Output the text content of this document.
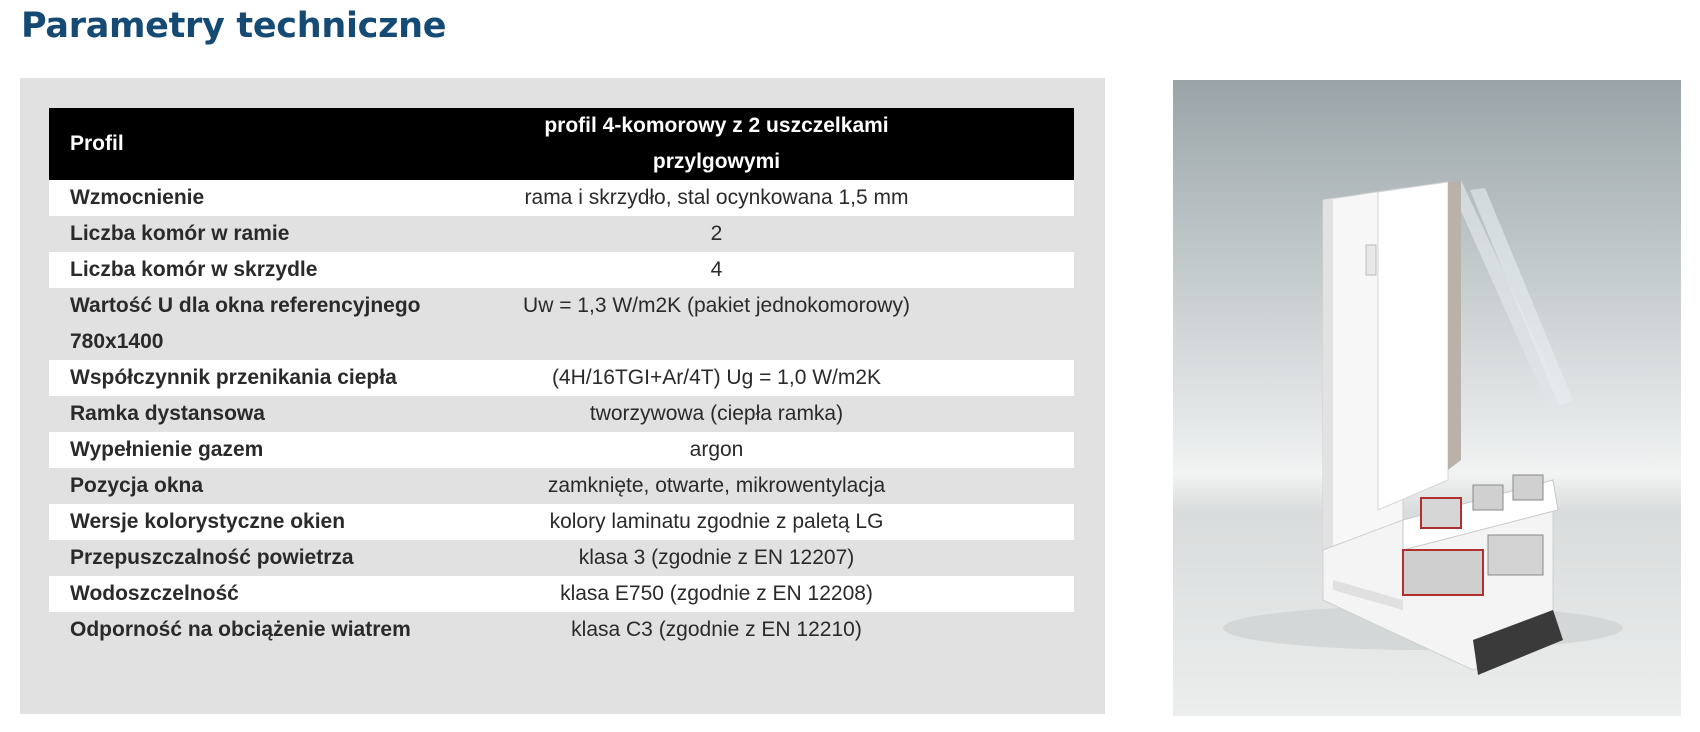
Parametry techniczne
Profil	profil 4-komorowy z 2 uszczelkami przylgowymi
Wzmocnienie	rama i skrzydło, stal ocynkowana 1,5 mm
Liczba komór w ramie	2
Liczba komór w skrzydle	4
Wartość U dla okna referencyjnego 780x1400	Uw = 1,3 W/m2K (pakiet jednokomorowy)
Współczynnik przenikania ciepła	(4H/16TGI+Ar/4T) Ug = 1,0 W/m2K
Ramka dystansowa	tworzywowa (ciepła ramka)
Wypełnienie gazem	argon
Pozycja okna	zamknięte, otwarte, mikrowentylacja
Wersje kolorystyczne okien	kolory laminatu zgodnie z paletą LG
Przepuszczalność powietrza	klasa 3 (zgodnie z EN 12207)
Wodoszczelność	klasa E750 (zgodnie z EN 12208)
Odporność na obciążenie wiatrem	klasa C3 (zgodnie z EN 12210)
